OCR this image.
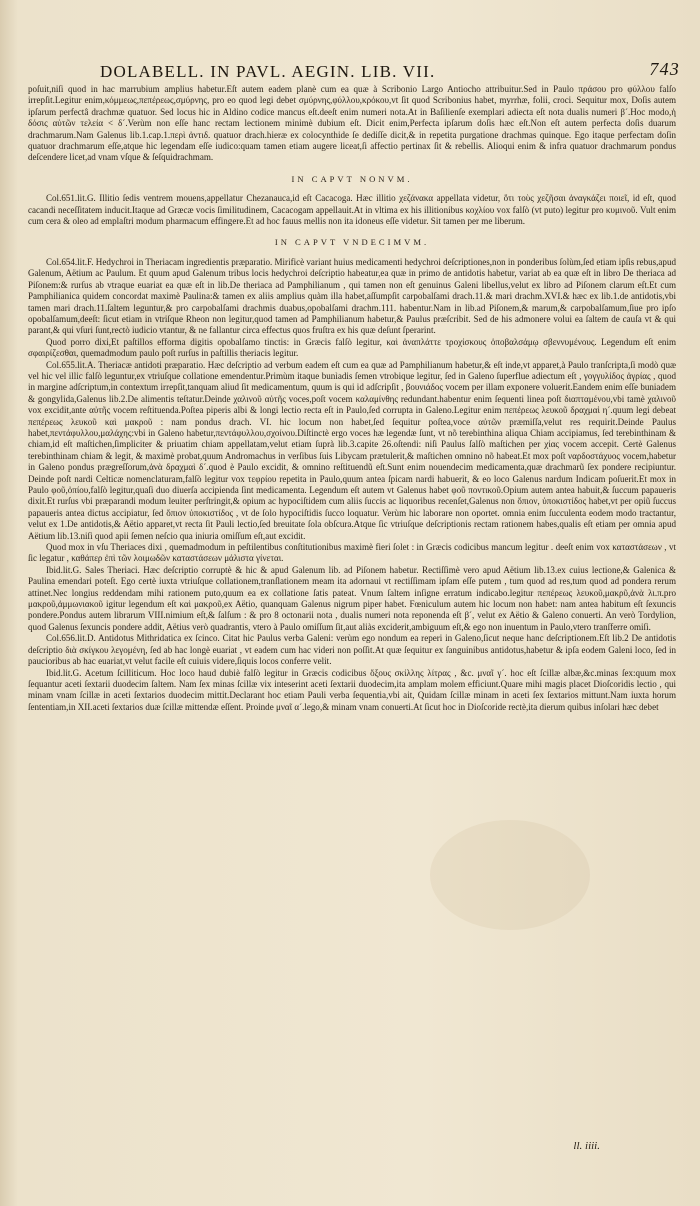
DOLABELL. IN PAVL. AEGIN. LIB. VII.	743

poſuit,niſi quod in hac marrubium amplius habetur.Eſt autem eadem planè cum ea quæ à Scribonio Largo Antiocho attribuitur.Sed in Paulo πράσου pro φύλλου falſo irrepſit.Legitur enim,κόμμεως,πεπέρεως,σμύρνης, pro eo quod legi debet σμύρνης,φύλλου,κρόκου,vt ſit quod Scribonius habet, myrrhæ, folii, croci. Sequitur mox, Doſis autem ipſarum perfectâ drachmæ quatuor. Sed locus hic in Aldino codice mancus eſt.deeſt enim numeri nota.At in Baſilienſe exemplari adiecta eſt nota dualis numeri β´.Hoc modo,ἡ δόσις αὐτῶν τελεία < δ´.Verùm non eſſe hanc rectam lectionem minimè dubium eſt. Dicit enim,Perfecta ipſarum doſis hæc eſt.Non eſt autem perfecta doſis duarum drachmarum.Nam Galenus lib.1.cap.1.περὶ ἀντιδ. quatuor drach.hieræ ex colocynthide ſe dediſſe dicit,& in repetita purgatione drachmas quinque. Ego itaque perfectam doſin quatuor drachmarum eſſe,atque hic legendam eſſe iudico:quam tamen etiam augere liceat,ſi affectio pertinax ſit & rebellis. Alioqui enim & infra quatuor drachmarum pondus deſcendere licet,ad vnam vſque & ſeſquidrachmam.

IN CAPVT NONVM.

Col.651.lit.G. Illitio ſedis ventrem mouens,appellatur Chezanauca,id eſt Cacacoga. Hæc illitio χεζάνακα appellata videtur, ὅτι τοὺς χεζῆσαι ἀναγκάζει ποιεῖ, id eſt, quod cacandi neceſſitatem inducit.Itaque ad Græcæ vocis ſimilitudinem, Cacacogam appellauit.At in vltima ex his illitionibus κοχλίου vox falſò (vt puto) legitur pro κυμινοῦ. Vult enim cum cera & oleo ad emplaſtri modum pharmacum effingere.Et ad hoc fauus mellis non ita idoneus eſſe videtur. Sit tamen per me liberum.

IN CAPVT VNDECIMVM.

Col.654.lit.F. Hedychroi in Theriacam ingredientis præparatio. Mirificè variant huius medicamenti hedychroi deſcriptiones,non in ponderibus ſolùm,ſed etiam ipſis rebus,apud Galenum, Aëtium ac Paulum. Et quum apud Galenum tribus locis hedychroi deſcriptio habeatur,ea quæ in primo de antidotis habetur, variat ab ea quæ eſt in libro De theriaca ad Piſonem:& rurſus ab vtraque euariat ea quæ eſt in lib.De theriaca ad Pamphilianum , qui tamen non eſt genuinus Galeni libellus,velut ex libro ad Piſonem clarum eſt.Et cum Pamphilianica quidem concordat maximè Paulina:& tamen ex aliis amplius quàm illa habet,aſſumpſit carpobalſami drach.11.& mari drachm.XVI.& hæc ex lib.1.de antidotis,vbi tamen mari drach.11.ſaltem leguntur,& pro carpobalſami drachmis duabus,opobalſami drachm.111. habentur.Nam in lib.ad Piſonem,& marum,& carpobalſamum,ſiue pro ipſo opobalſamum,deeſt: ſicut etiam in vtriſque Rheon non legitur,quod tamen ad Pamphilianum habetur,& Paulus præſcribit. Sed de his admonere volui ea ſaltem de cauſa vt & qui parant,& qui vſuri ſunt,rectò iudicio vtantur, & ne fallantur circa effectus quos fruſtra ex his quæ deſunt ſperarint.

Quod porro dixi,Et paſtillos efforma digitis opobalſamo tinctis: in Græcis falſò legitur, καὶ ἀναπλάττε τροχίσκους ὁποβαλσάμῳ σβεννυμένους. Legendum eſt enim σφαιρίζεσθαι, quemadmodum paulo poſt rurſus in paſtillis theriacis legitur.

Col.655.lit.A. Theriacæ antidoti præparatio. Hæc deſcriptio ad verbum eadem eſt cum ea quæ ad Pamphilianum habetur,& eſt inde,vt apparet,à Paulo tranſcripta,ſi modò quæ vel hic vel illic falſò leguntur,ex vtriuſque collatione emendentur.Primùm itaque bunìadis ſemen vtrobique legitur, ſed in Galeno ſuperflue adiectum eſt , γογγυλίδος ἀγρίας , quod in margine adſcriptum,in contextum irrepſit,tanquam aliud ſit medicamentum, quum is qui id adſcripſit , βουνιάδος vocem per illam exponere voluerit.Eandem enim eſſe buniadem & gongylida,Galenus lib.2.De alimentis teſtatur.Deinde χαλινοῦ αὐτῆς voces,poſt vocem καλαμίνθης redundant.habentur enim ſequenti linea poſt διαπταμένου,vbi tamè χαλινοῦ vox excidit,ante αὐτῆς vocem reſtituenda.Poſtea piperis albi & longi lectio recta eſt in Paulo,ſed corrupta in Galeno.Legitur enim πεπέρεως λευκοῦ δραχμαὶ η´.quum legi debeat πεπέρεως λευκοῦ καὶ μακροῦ : nam pondus drach. VI. hic locum non habet,ſed ſequitur poſtea,voce αὐτῶν præmiſſa,velut res requirit.Deinde Paulus habet,πεντάφυλλου,μαλάχης:vbi in Galeno habetur,πεντάφυλλου,σχοίνου.Diſtinctè ergo voces hæ legendæ ſunt, vt nõ terebinthina aliqua Chiam accipiamus, ſed terebinthinam & chiam,id eſt maſtichen,ſimpliciter & priuatim chiam appellatam,velut etiam ſuprà lib.3.capite 26.oſtendi: niſi Paulus ſalſò maſtichen per χίας vocem accepit. Certè Galenus terebinthinam chiam & legit, & maximè probat,quum Andromachus in verſibus ſuis Libycam prætulerit,& maſtichen omnino nõ habeat.Et mox poſt ναρδοστάχυος vocem,habetur in Galeno pondus prægreſſorum,ἀνὰ δραχμαὶ δ´.quod è Paulo excidit, & omnino reſtituendũ eſt.Sunt enim nouendecim medicamenta,quæ drachmarũ ſex pondere recipiuntur. Deinde poſt nardi Celticæ nomenclaturam,falſò legitur vox τεφρίου repetita in Paulo,quum antea ſpicam nardi habuerit, & eo loco Galenus nardum Indicam poſuerit.Et mox in Paulo φοῦ,ὀπίου,falſò legitur,quaſi duo diuerſa accipienda ſint medicamenta. Legendum eſt autem vt Galenus habet φοῦ ποντικοῦ.Opium autem antea habuit,& ſuccum papaueris dixit.Et rurſus vbi præparandi modum leuiter perſtringit,& opium ac hypociſtidem cum aliis ſuccis ac liquoribus recenſet,Galenus non ὄπιον, ὑποκιστίδος habet,vt per opiũ ſuccus papaueris antea dictus accipiatur, ſed ὄπιον ὑποκιστίδος , vt de ſolo hypociſtidis ſucco loquatur. Verùm hic laborare non oportet. omnia enim ſucculenta eodem modo tractantur, velut ex 1.De antidotis,& Aëtio apparet,vt recta ſit Pauli lectio,ſed breuitate ſola obſcura.Atque ſic vtriuſque deſcriptionis rectam rationem habes,qualis eſt etiam per omnia apud Aëtium lib.13.niſi quod apii ſemen neſcio qua iniuria omiſſum eſt,aut excidit.

Quod mox in vſu Theriaces dixi , quemadmodum in peſtilentibus conſtitutionibus maximè fieri ſolet : in Græcis codicibus mancum legitur . deeſt enim vox καταστάσεων , vt ſic legatur , καθάπερ ἐπὶ τῶν λοιμωδῶν καταστάσεων μάλιστα γίνεται.

Ibid.lit.G. Sales Theriaci. Hæc deſcriptio corruptè & hic & apud Galenum lib. ad Piſonem habetur. Rectiſſimè vero apud Aëtium lib.13.ex cuius lectione,& Galenica & Paulina emendari poteſt. Ego certè iuxta vtriuſque collationem,tranſlationem meam ita adornaui vt rectiſſimam ipſam eſſe putem , tum quod ad res,tum quod ad pondera rerum attinet.Nec longius reddendam mihi rationem puto,quum ea ex collatione ſatis pateat. Vnum ſaltem inſigne erratum indicabo.legitur πεπέρεως λευκοῦ,μακρῦ,ἀνὰ λι.π.pro μακροῦ,ἀμμωνιακοῦ igitur legendum eſt καὶ μακροῦ,ex Aëtio, quanquam Galenus nigrum piper habet. Fœniculum autem hic locum non habet: nam antea habitum eſt ſexuncis pondere.Pondus autem librarum VIII.nimium eſt,& ſalſum : & pro 8 octonarii nota , dualis numeri nota reponenda eſt β´, velut ex Aëtio & Galeno conuerti. An verò Tordylion, quod Galenus ſexuncis pondere addit, Aëtius verò quadrantis, vtero à Paulo omiſſum ſit,aut aliàs exciderit,ambiguum eſt,& ego non inuentum in Paulo,vtero tranſferre omiſi.

Col.656.lit.D. Antidotus Mithridatica ex ſcinco. Citat hic Paulus verba Galeni: verùm ego nondum ea reperi in Galeno,ſicut neque hanc deſcriptionem.Eſt lib.2 De antidotis deſcriptio διὰ σκίγκου λεγομένη, ſed ab hac longè euariat , vt eadem cum hac videri non poſſit.At quæ ſequitur ex ſanguinibus antidotus,habetur & ipſa eodem Galeni loco, ſed in paucioribus ab hac euariat,vt velut facile eſt cuiuis videre,ſiquis locos conferre velit.

Ibid.lit.G. Acetum ſcilliticum. Hoc loco haud dubiè falſò legitur in Græcis codicibus ὄξους σκίλλης λίτρας , &c. μναῖ γ´. hoc eſt ſcillæ albæ,&c.minas ſex:quum mox ſequantur aceti ſextarii duodecim ſaltem. Nam ſex minas ſcillæ vix inteserint aceti ſextarii duodecim,ita amplam molem efficiunt.Quare mihi magis placet Dioſcoridis lectio , qui minam vnam ſcillæ in aceti ſextarios duodecim mittit.Declarant hoc etiam Pauli verba ſequentia,vbi ait, Quidam ſcillæ minam in aceti ſex ſextarios mittunt.Nam iuxta horum ſententiam,in XII.aceti ſextarios duæ ſcillæ mittendæ eſſent. Proinde μναῖ α´.lego,& minam vnam conuerti.At ſicut hoc in Dioſcoride rectè,ita dierum quibus inſolari hæc debet

ll. iiii.
